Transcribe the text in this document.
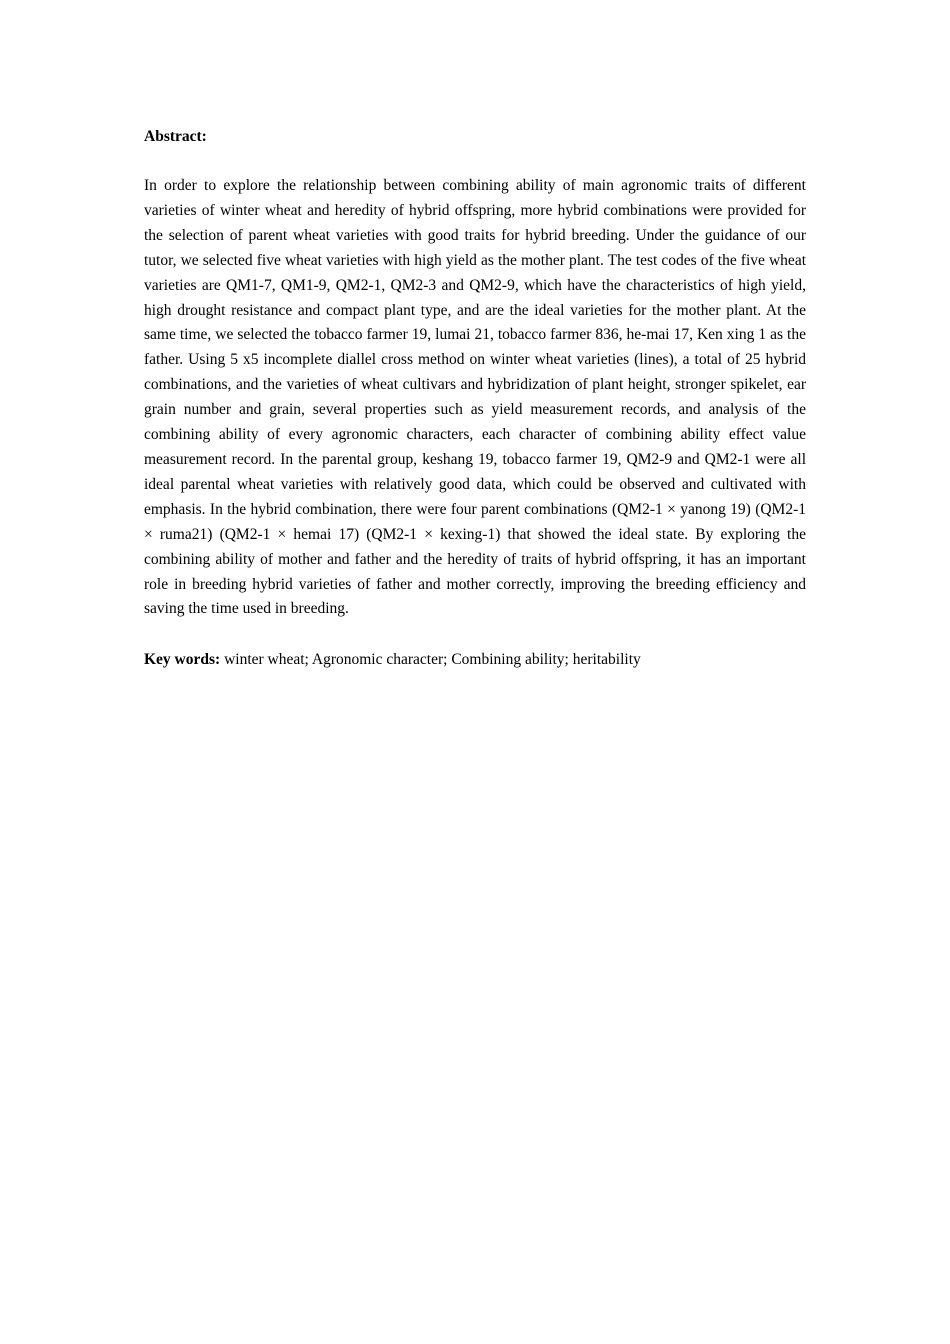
Abstract:

In order to explore the relationship between combining ability of main agronomic traits of different varieties of winter wheat and heredity of hybrid offspring, more hybrid combinations were provided for the selection of parent wheat varieties with good traits for hybrid breeding. Under the guidance of our tutor, we selected five wheat varieties with high yield as the mother plant. The test codes of the five wheat varieties are QM1-7, QM1-9, QM2-1, QM2-3 and QM2-9, which have the characteristics of high yield, high drought resistance and compact plant type, and are the ideal varieties for the mother plant. At the same time, we selected the tobacco farmer 19, lumai 21, tobacco farmer 836, he-mai 17, Ken xing 1 as the father. Using 5 x5 incomplete diallel cross method on winter wheat varieties (lines), a total of 25 hybrid combinations, and the varieties of wheat cultivars and hybridization of plant height, stronger spikelet, ear grain number and grain, several properties such as yield measurement records, and analysis of the combining ability of every agronomic characters, each character of combining ability effect value measurement record. In the parental group, keshang 19, tobacco farmer 19, QM2-9 and QM2-1 were all ideal parental wheat varieties with relatively good data, which could be observed and cultivated with emphasis. In the hybrid combination, there were four parent combinations (QM2-1 × yanong 19) (QM2-1 × ruma21) (QM2-1 × hemai 17) (QM2-1 × kexing-1) that showed the ideal state. By exploring the combining ability of mother and father and the heredity of traits of hybrid offspring, it has an important role in breeding hybrid varieties of father and mother correctly, improving the breeding efficiency and saving the time used in breeding.

Key words: winter wheat; Agronomic character; Combining ability; heritability
